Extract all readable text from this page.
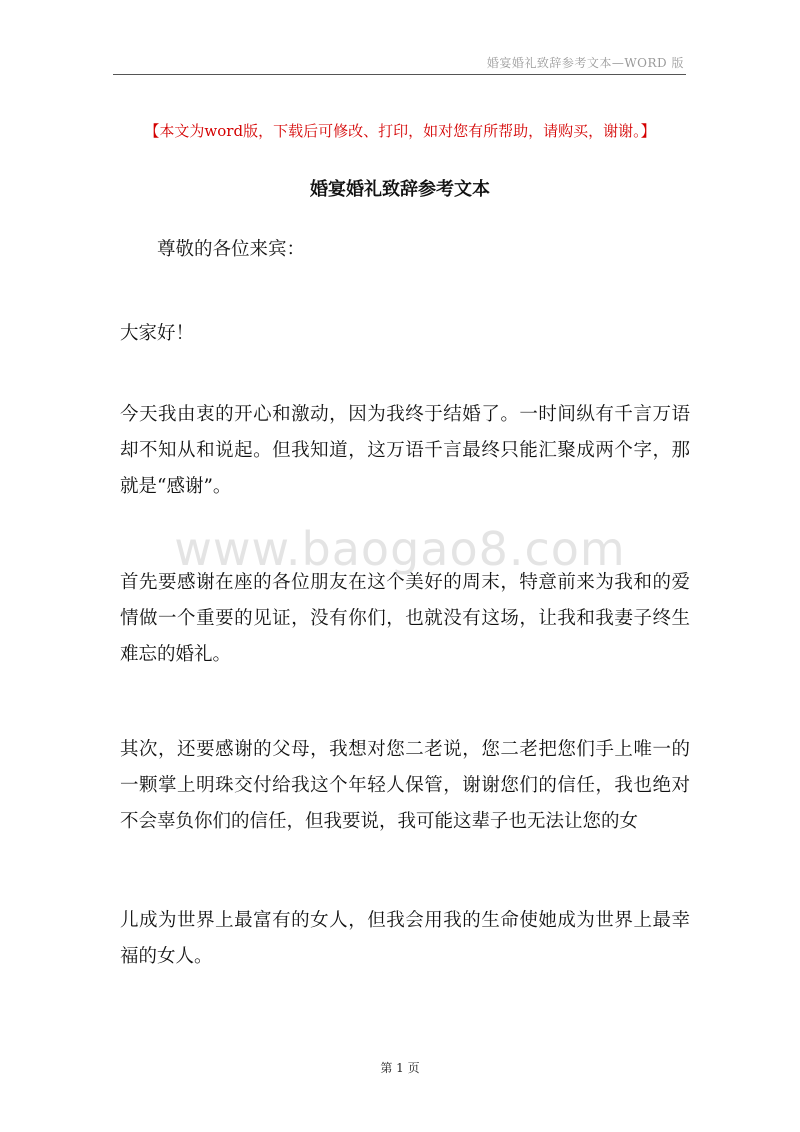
婚宴婚礼致辞参考文本—WORD 版
【本文为word版，下载后可修改、打印，如对您有所帮助，请购买，谢谢。】
婚宴婚礼致辞参考文本

尊敬的各位来宾：

大家好！

今天我由衷的开心和激动，因为我终于结婚了。一时间纵有千言万语却不知从和说起。但我知道，这万语千言最终只能汇聚成两个字，那就是“感谢”。

www.baogao8.com

首先要感谢在座的各位朋友在这个美好的周末，特意前来为我和的爱情做一个重要的见证，没有你们，也就没有这场，让我和我妻子终生难忘的婚礼。

其次，还要感谢的父母，我想对您二老说，您二老把您们手上唯一的一颗掌上明珠交付给我这个年轻人保管，谢谢您们的信任，我也绝对不会辜负你们的信任，但我要说，我可能这辈子也无法让您的女

儿成为世界上最富有的女人，但我会用我的生命使她成为世界上最幸福的女人。

第 1 页
